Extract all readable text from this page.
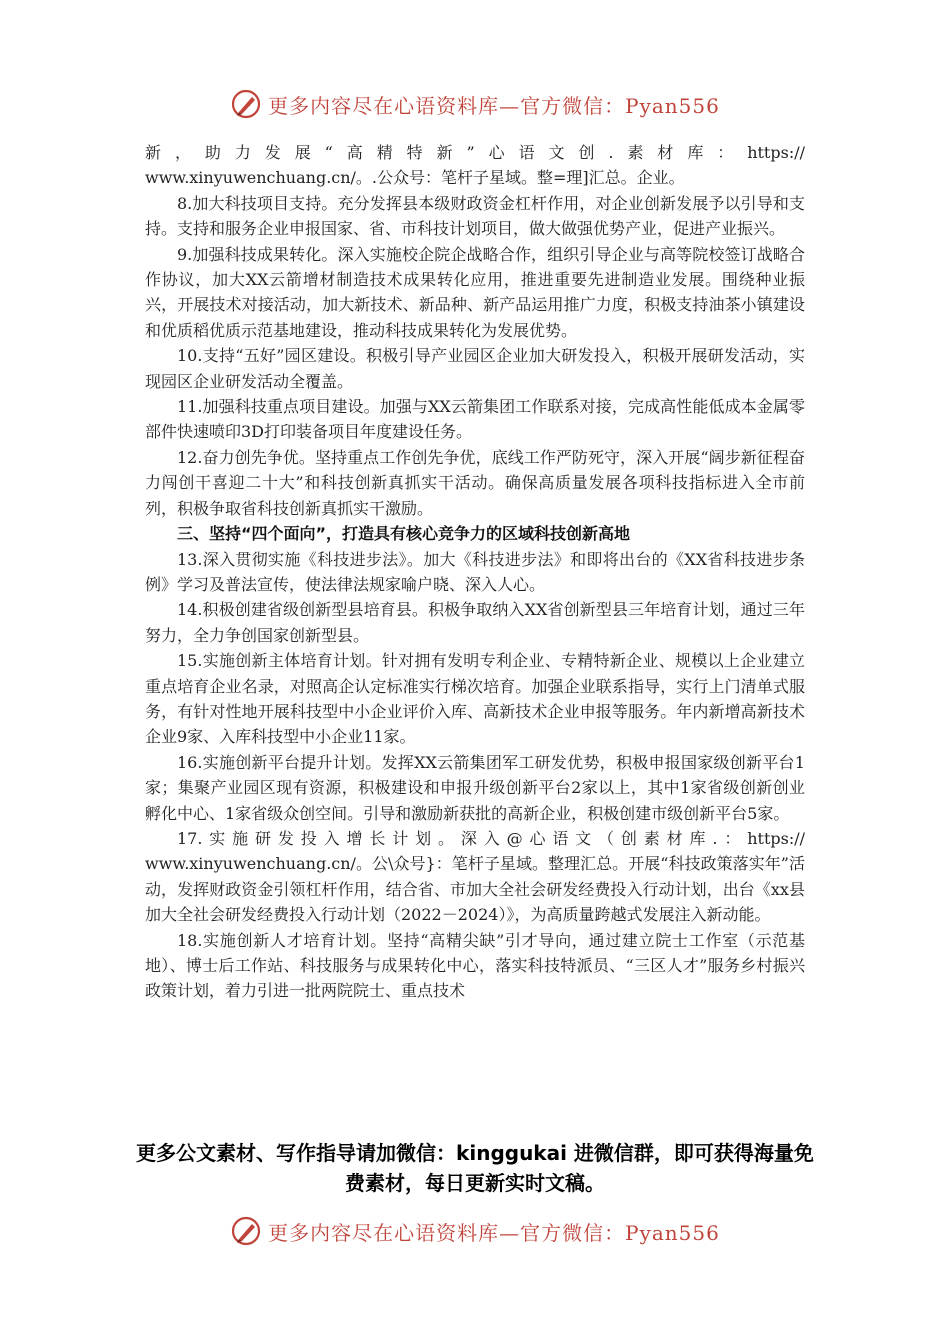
更多内容尽在心语资料库—官方微信：Pyan556

新，助力发展“高精特新”心语文创.素材库：https://

www.xinyuwenchuang.cn/。.公众号：笔杆子星域。整=理]汇总。企业。

8.加大科技项目支持。充分发挥县本级财政资金杠杆作用，对企业创新发展予以引导和支持。支持和服务企业申报国家、省、市科技计划项目，做大做强优势产业，促进产业振兴。

9.加强科技成果转化。深入实施校企院企战略合作，组织引导企业与高等院校签订战略合作协议，加大XX云箭增材制造技术成果转化应用，推进重要先进制造业发展。围绕种业振兴，开展技术对接活动，加大新技术、新品种、新产品运用推广力度，积极支持油茶小镇建设和优质稻优质示范基地建设，推动科技成果转化为发展优势。

10.支持“五好”园区建设。积极引导产业园区企业加大研发投入，积极开展研发活动，实现园区企业研发活动全覆盖。

11.加强科技重点项目建设。加强与XX云箭集团工作联系对接，完成高性能低成本金属零部件快速喷印3D打印装备项目年度建设任务。

12.奋力创先争优。坚持重点工作创先争优，底线工作严防死守，深入开展“阔步新征程奋力闯创干喜迎二十大”和科技创新真抓实干活动。确保高质量发展各项科技指标进入全市前列，积极争取省科技创新真抓实干激励。

三、坚持“四个面向”，打造具有核心竞争力的区域科技创新高地

13.深入贯彻实施《科技进步法》。加大《科技进步法》和即将出台的《XX省科技进步条例》学习及普法宣传，使法律法规家喻户晓、深入人心。

14.积极创建省级创新型县培育县。积极争取纳入XX省创新型县三年培育计划，通过三年努力，全力争创国家创新型县。

15.实施创新主体培育计划。针对拥有发明专利企业、专精特新企业、规模以上企业建立重点培育企业名录，对照高企认定标准实行梯次培育。加强企业联系指导，实行上门清单式服务，有针对性地开展科技型中小企业评价入库、高新技术企业申报等服务。年内新增高新技术企业9家、入库科技型中小企业11家。

16.实施创新平台提升计划。发挥XX云箭集团军工研发优势，积极申报国家级创新平台1家；集聚产业园区现有资源，积极建设和申报升级创新平台2家以上，其中1家省级创新创业孵化中心、1家省级众创空间。引导和激励新获批的高新企业，积极创建市级创新平台5家。

17.实施研发投入增长计划。深入@心语文（创素材库.：https://

www.xinyuwenchuang.cn/。公\众号}：笔杆子星域。整理汇总。开展“科技政策落实年”活动，发挥财政资金引领杠杆作用，结合省、市加大全社会研发经费投入行动计划，出台《xx县加大全社会研发经费投入行动计划（2022－2024）》，为高质量跨越式发展注入新动能。

18.实施创新人才培育计划。坚持“高精尖缺”引才导向，通过建立院士工作室（示范基地）、博士后工作站、科技服务与成果转化中心，落实科技特派员、“三区人才”服务乡村振兴政策计划，着力引进一批两院院士、重点技术

更多公文素材、写作指导请加微信：kinggukai 进微信群，即可获得海量免费素材，每日更新实时文稿。
更多内容尽在心语资料库—官方微信：Pyan556
